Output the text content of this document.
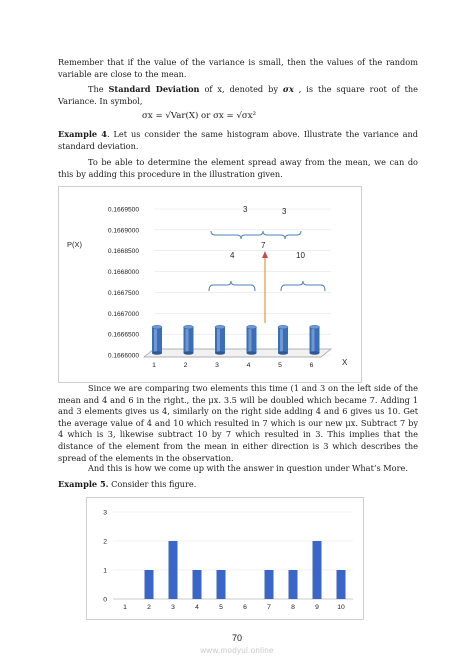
Remember that if the value of the variance is small, then the values of the random variable are close to the mean.

The Standard Deviation of x, denoted by σx , is the square root of the Variance. In symbol,

σx = √Var(X) or σx = √σx²

Example 4. Let us consider the same histogram above. Illustrate the variance and standard deviation.

To be able to determine the element spread away from the mean, we can do this by adding this procedure in the illustration given.

0.1669500
0.1669000
0.1668500
0.1668000
0.1667500
0.1667000
0.1666500
0.1666000
1	2	3	4	5	6
P(X)
X
3	3
4
7
10

Since we are comparing two elements this time (1 and 3 on the left side of the mean and 4 and 6 in the right., the μx. 3.5 will be doubled which became 7. Adding 1 and 3 elements gives us 4, similarly on the right side adding 4 and 6 gives us 10. Get the average value of 4 and 10 which resulted in 7 which is our new μx. Subtract 7 by 4 which is 3, likewise subtract 10 by 7 which resulted in 3. This implies that the distance of the element from the mean in either direction is 3 which describes the spread of the elements in the observation.

And this is how we come up with the answer in question under What’s More.

Example 5. Consider this figure.

0
1
2
3
1	2	3	4	5	6	7	8	9	10
70
www.modyul.online
